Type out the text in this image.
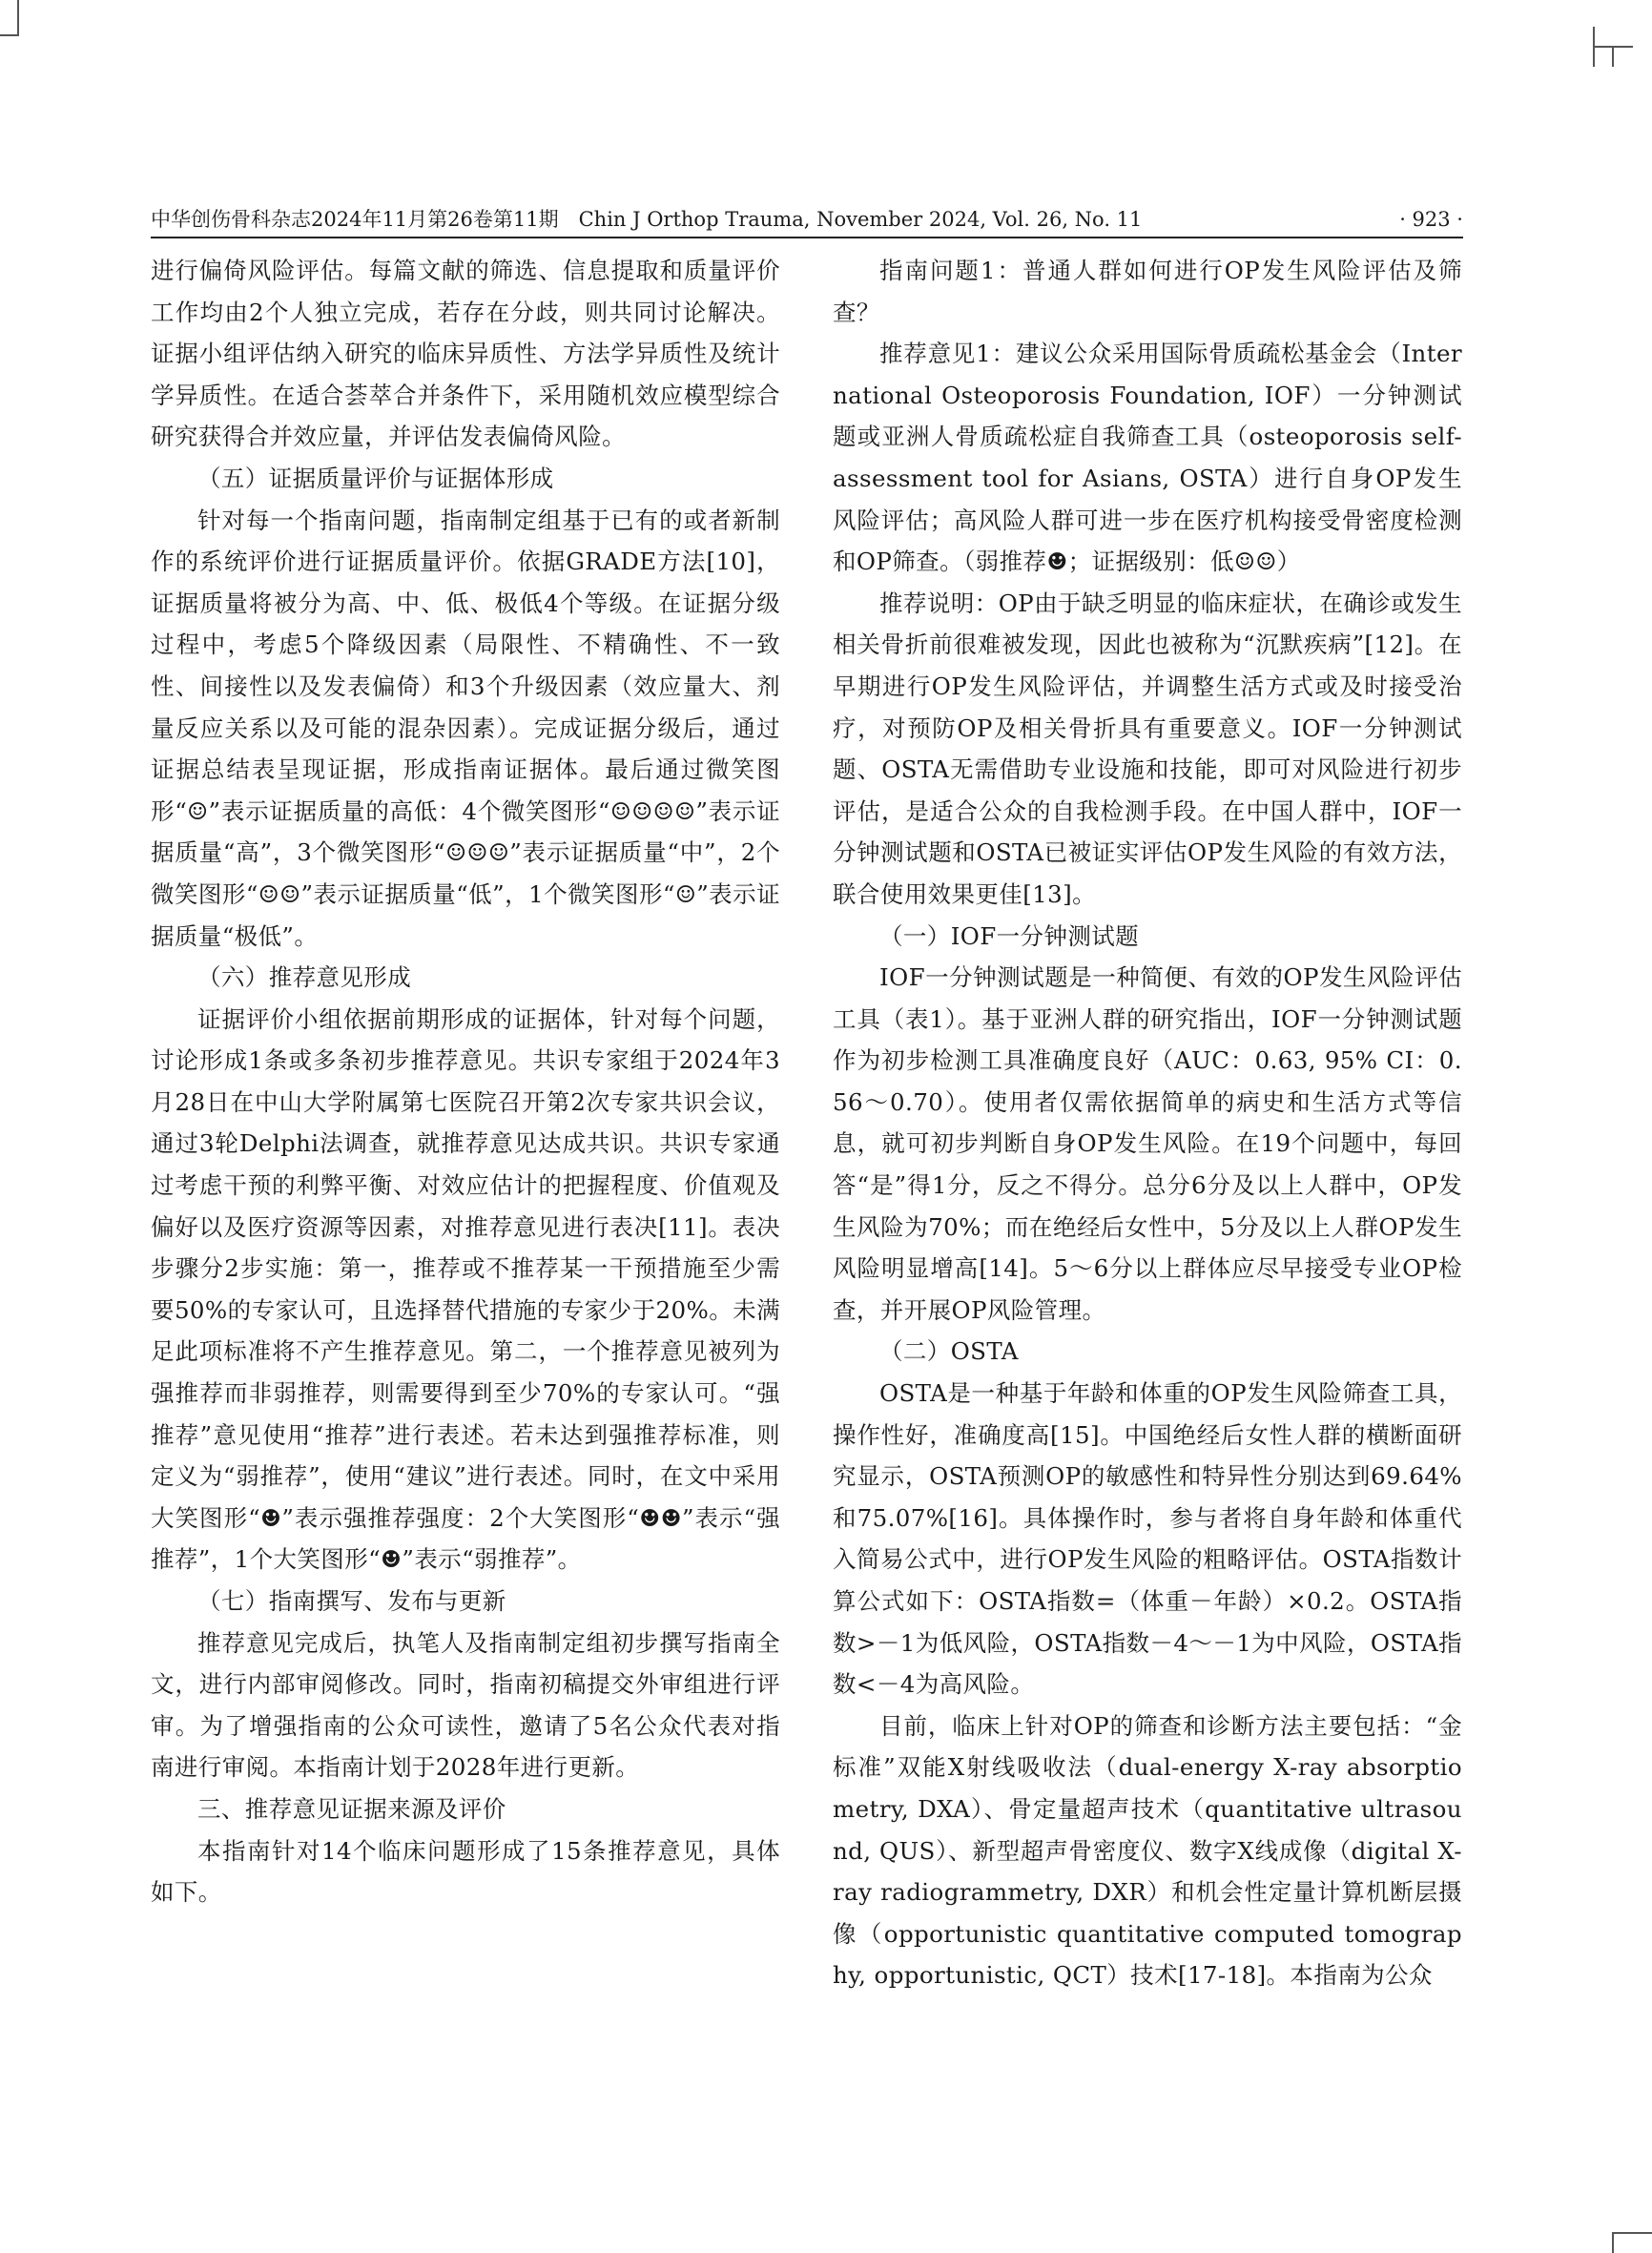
中华创伤骨科杂志2024年11月第26卷第11期　Chin J Orthop Trauma, November 2024, Vol. 26, No. 11	· 923 ·

进行偏倚风险评估。每篇文献的筛选、信息提取和质量评价工作均由2个人独立完成，若存在分歧，则共同讨论解决。证据小组评估纳入研究的临床异质性、方法学异质性及统计学异质性。在适合荟萃合并条件下，采用随机效应模型综合研究获得合并效应量，并评估发表偏倚风险。

（五）证据质量评价与证据体形成

针对每一个指南问题，指南制定组基于已有的或者新制作的系统评价进行证据质量评价。依据GRADE方法[10]，证据质量将被分为高、中、低、极低4个等级。在证据分级过程中，考虑5个降级因素（局限性、不精确性、不一致性、间接性以及发表偏倚）和3个升级因素（效应量大、剂量反应关系以及可能的混杂因素）。完成证据分级后，通过证据总结表呈现证据，形成指南证据体。最后通过微笑图形“☺”表示证据质量的高低：4个微笑图形“☺☺☺☺”表示证据质量“高”，3个微笑图形“☺☺☺”表示证据质量“中”，2个微笑图形“☺☺”表示证据质量“低”，1个微笑图形“☺”表示证据质量“极低”。

（六）推荐意见形成

证据评价小组依据前期形成的证据体，针对每个问题，讨论形成1条或多条初步推荐意见。共识专家组于2024年3月28日在中山大学附属第七医院召开第2次专家共识会议，通过3轮Delphi法调查，就推荐意见达成共识。共识专家通过考虑干预的利弊平衡、对效应估计的把握程度、价值观及偏好以及医疗资源等因素，对推荐意见进行表决[11]。表决步骤分2步实施：第一，推荐或不推荐某一干预措施至少需要50%的专家认可，且选择替代措施的专家少于20%。未满足此项标准将不产生推荐意见。第二，一个推荐意见被列为强推荐而非弱推荐，则需要得到至少70%的专家认可。“强推荐”意见使用“推荐”进行表述。若未达到强推荐标准，则定义为“弱推荐”，使用“建议”进行表述。同时，在文中采用大笑图形“☻”表示强推荐强度：2个大笑图形“☻☻”表示“强推荐”，1个大笑图形“☻”表示“弱推荐”。

（七）指南撰写、发布与更新

推荐意见完成后，执笔人及指南制定组初步撰写指南全文，进行内部审阅修改。同时，指南初稿提交外审组进行评审。为了增强指南的公众可读性，邀请了5名公众代表对指南进行审阅。本指南计划于2028年进行更新。

三、推荐意见证据来源及评价

本指南针对14个临床问题形成了15条推荐意见，具体如下。

指南问题1：普通人群如何进行OP发生风险评估及筛查？

推荐意见1：建议公众采用国际骨质疏松基金会（International Osteoporosis Foundation, IOF）一分钟测试题或亚洲人骨质疏松症自我筛查工具（osteoporosis self-assessment tool for Asians, OSTA）进行自身OP发生风险评估；高风险人群可进一步在医疗机构接受骨密度检测和OP筛查。（弱推荐☻；证据级别：低☺☺）

推荐说明：OP由于缺乏明显的临床症状，在确诊或发生相关骨折前很难被发现，因此也被称为“沉默疾病”[12]。在早期进行OP发生风险评估，并调整生活方式或及时接受治疗，对预防OP及相关骨折具有重要意义。IOF一分钟测试题、OSTA无需借助专业设施和技能，即可对风险进行初步评估，是适合公众的自我检测手段。在中国人群中，IOF一分钟测试题和OSTA已被证实评估OP发生风险的有效方法，联合使用效果更佳[13]。

（一）IOF一分钟测试题

IOF一分钟测试题是一种简便、有效的OP发生风险评估工具（表1）。基于亚洲人群的研究指出，IOF一分钟测试题作为初步检测工具准确度良好（AUC：0.63, 95% CI：0.56～0.70）。使用者仅需依据简单的病史和生活方式等信息，就可初步判断自身OP发生风险。在19个问题中，每回答“是”得1分，反之不得分。总分6分及以上人群中，OP发生风险为70%；而在绝经后女性中，5分及以上人群OP发生风险明显增高[14]。5～6分以上群体应尽早接受专业OP检查，并开展OP风险管理。

（二）OSTA

OSTA是一种基于年龄和体重的OP发生风险筛查工具，操作性好，准确度高[15]。中国绝经后女性人群的横断面研究显示，OSTA预测OP的敏感性和特异性分别达到69.64%和75.07%[16]。具体操作时，参与者将自身年龄和体重代入简易公式中，进行OP发生风险的粗略评估。OSTA指数计算公式如下：OSTA指数=（体重－年龄）×0.2。OSTA指数>－1为低风险，OSTA指数－4～－1为中风险，OSTA指数<－4为高风险。

目前，临床上针对OP的筛查和诊断方法主要包括：“金标准”双能X射线吸收法（dual-energy X-ray absorptiometry, DXA）、骨定量超声技术（quantitative ultrasound, QUS）、新型超声骨密度仪、数字X线成像（digital X-ray radiogrammetry, DXR）和机会性定量计算机断层摄像（opportunistic quantitative computed tomography, opportunistic, QCT）技术[17-18]。本指南为公众
